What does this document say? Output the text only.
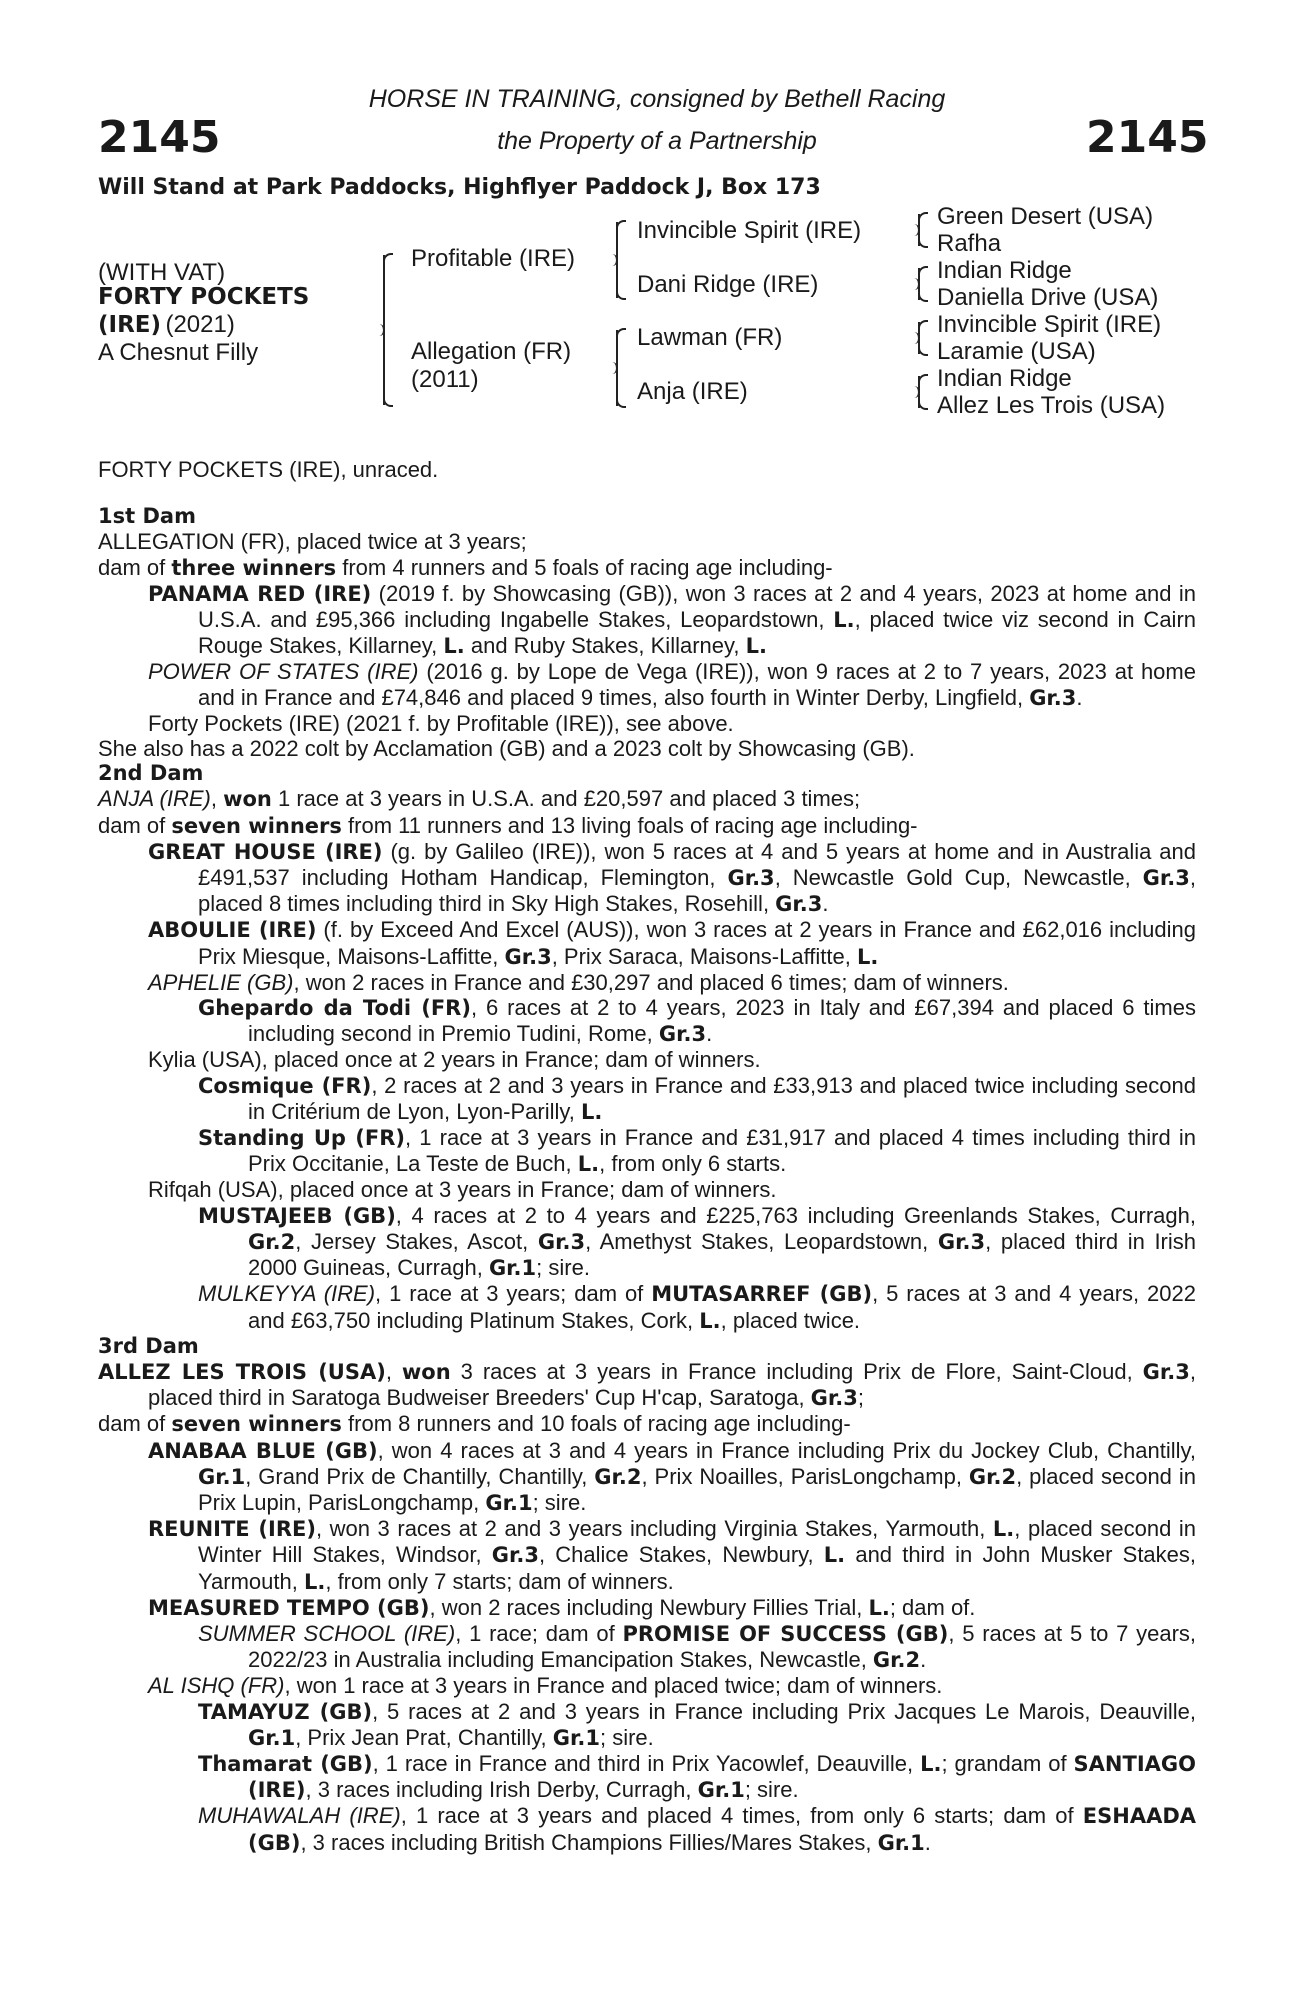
2145	2145
HORSE IN TRAINING, consigned by Bethell Racing
the Property of a Partnership
Will Stand at Park Paddocks, Highflyer Paddock J, Box 173
(WITH VAT)
FORTY POCKETS
(IRE) (2021)
A Chesnut Filly
Profitable (IRE)
Allegation (FR)
(2011)
Invincible Spirit (IRE)
Dani Ridge (IRE)
Lawman (FR)
Anja (IRE)
Green Desert (USA)
Rafha
Indian Ridge
Daniella Drive (USA)
Invincible Spirit (IRE)
Laramie (USA)
Indian Ridge
Allez Les Trois (USA)
FORTY POCKETS (IRE), unraced.
1st Dam
ALLEGATION (FR), placed twice at 3 years;
dam of three winners from 4 runners and 5 foals of racing age including-
PANAMA RED (IRE) (2019 f. by Showcasing (GB)), won 3 races at 2 and 4 years, 2023 at home and in U.S.A. and £95,366 including Ingabelle Stakes, Leopardstown, L., placed twice viz second in Cairn Rouge Stakes, Killarney, L. and Ruby Stakes, Killarney, L.
POWER OF STATES (IRE) (2016 g. by Lope de Vega (IRE)), won 9 races at 2 to 7 years, 2023 at home and in France and £74,846 and placed 9 times, also fourth in Winter Derby, Lingfield, Gr.3.
Forty Pockets (IRE) (2021 f. by Profitable (IRE)), see above.
She also has a 2022 colt by Acclamation (GB) and a 2023 colt by Showcasing (GB).
2nd Dam
ANJA (IRE), won 1 race at 3 years in U.S.A. and £20,597 and placed 3 times;
dam of seven winners from 11 runners and 13 living foals of racing age including-
GREAT HOUSE (IRE) (g. by Galileo (IRE)), won 5 races at 4 and 5 years at home and in Australia and £491,537 including Hotham Handicap, Flemington, Gr.3, Newcastle Gold Cup, Newcastle, Gr.3, placed 8 times including third in Sky High Stakes, Rosehill, Gr.3.
ABOULIE (IRE) (f. by Exceed And Excel (AUS)), won 3 races at 2 years in France and £62,016 including Prix Miesque, Maisons-Laffitte, Gr.3, Prix Saraca, Maisons-Laffitte, L.
APHELIE (GB), won 2 races in France and £30,297 and placed 6 times; dam of winners.
Ghepardo da Todi (FR), 6 races at 2 to 4 years, 2023 in Italy and £67,394 and placed 6 times including second in Premio Tudini, Rome, Gr.3.
Kylia (USA), placed once at 2 years in France; dam of winners.
Cosmique (FR), 2 races at 2 and 3 years in France and £33,913 and placed twice including second in Critérium de Lyon, Lyon-Parilly, L.
Standing Up (FR), 1 race at 3 years in France and £31,917 and placed 4 times including third in Prix Occitanie, La Teste de Buch, L., from only 6 starts.
Rifqah (USA), placed once at 3 years in France; dam of winners.
MUSTAJEEB (GB), 4 races at 2 to 4 years and £225,763 including Greenlands Stakes, Curragh, Gr.2, Jersey Stakes, Ascot, Gr.3, Amethyst Stakes, Leopardstown, Gr.3, placed third in Irish 2000 Guineas, Curragh, Gr.1; sire.
MULKEYYA (IRE), 1 race at 3 years; dam of MUTASARREF (GB), 5 races at 3 and 4 years, 2022 and £63,750 including Platinum Stakes, Cork, L., placed twice.
3rd Dam
ALLEZ LES TROIS (USA), won 3 races at 3 years in France including Prix de Flore, Saint-Cloud, Gr.3, placed third in Saratoga Budweiser Breeders' Cup H'cap, Saratoga, Gr.3;
dam of seven winners from 8 runners and 10 foals of racing age including-
ANABAA BLUE (GB), won 4 races at 3 and 4 years in France including Prix du Jockey Club, Chantilly, Gr.1, Grand Prix de Chantilly, Chantilly, Gr.2, Prix Noailles, ParisLongchamp, Gr.2, placed second in Prix Lupin, ParisLongchamp, Gr.1; sire.
REUNITE (IRE), won 3 races at 2 and 3 years including Virginia Stakes, Yarmouth, L., placed second in Winter Hill Stakes, Windsor, Gr.3, Chalice Stakes, Newbury, L. and third in John Musker Stakes, Yarmouth, L., from only 7 starts; dam of winners.
MEASURED TEMPO (GB), won 2 races including Newbury Fillies Trial, L.; dam of.
SUMMER SCHOOL (IRE), 1 race; dam of PROMISE OF SUCCESS (GB), 5 races at 5 to 7 years, 2022/23 in Australia including Emancipation Stakes, Newcastle, Gr.2.
AL ISHQ (FR), won 1 race at 3 years in France and placed twice; dam of winners.
TAMAYUZ (GB), 5 races at 2 and 3 years in France including Prix Jacques Le Marois, Deauville, Gr.1, Prix Jean Prat, Chantilly, Gr.1; sire.
Thamarat (GB), 1 race in France and third in Prix Yacowlef, Deauville, L.; grandam of SANTIAGO (IRE), 3 races including Irish Derby, Curragh, Gr.1; sire.
MUHAWALAH (IRE), 1 race at 3 years and placed 4 times, from only 6 starts; dam of ESHAADA (GB), 3 races including British Champions Fillies/Mares Stakes, Gr.1.
